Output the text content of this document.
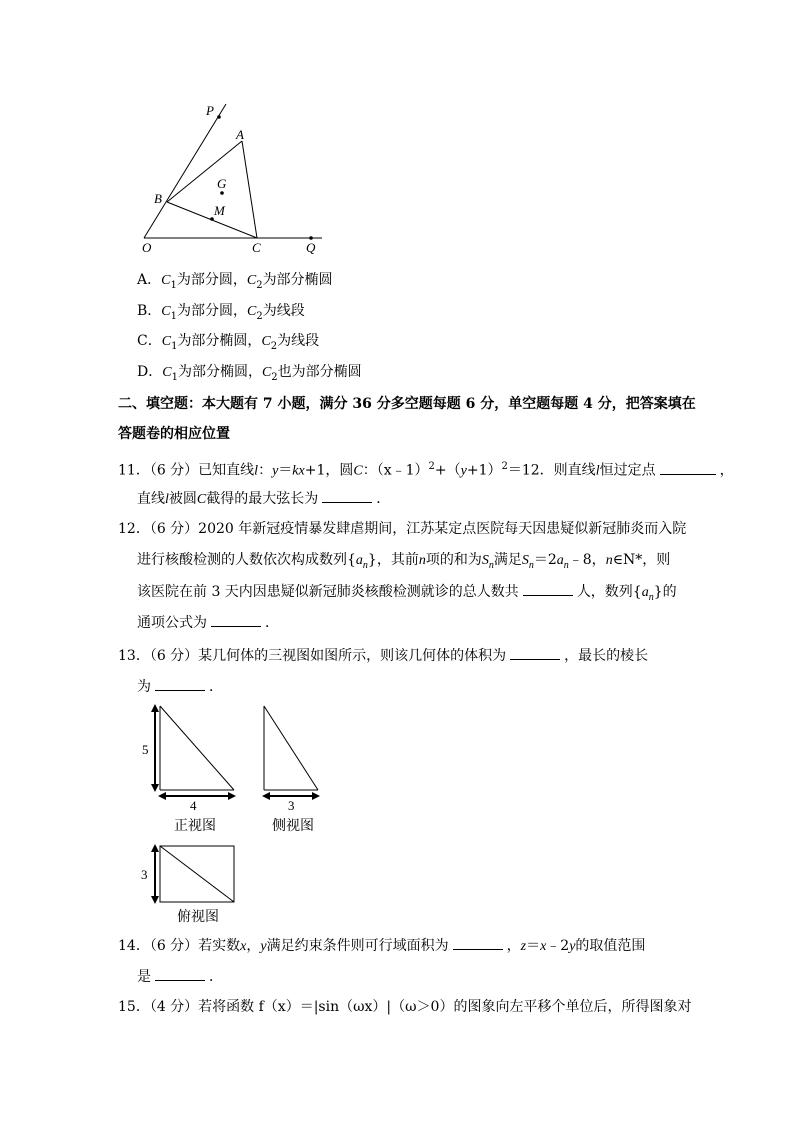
P
A
G
B
M
O	C	Q
A．$C_1$为部分圆，$C_2$为部分椭圆
B．$C_1$为部分圆，$C_2$为线段
C．$C_1$为部分椭圆，$C_2$为线段
D．$C_1$为部分椭圆，$C_2$也为部分椭圆
二、填空题：本大题有 7 小题，满分 36 分多空题每题 6 分，单空题每题 4 分，把答案填在
答题卷的相应位置
11．（6 分）已知直线l：y＝kx+1，圆C：$(x﹣1)^2+(y+1)^2=12$．则直线l恒过定点	，
直线l被圆C截得的最大弦长为	．
12．（6 分）2020 年新冠疫情暴发肆虐期间，江苏某定点医院每天因患疑似新冠肺炎而入院
进行核酸检测的人数依次构成数列$\{a_n\}$，其前n项的和为$S_n$满足$S_n=2a_n﹣8$，n∈N*，则
该医院在前 3 天内因患疑似新冠肺炎核酸检测就诊的总人数共	人，数列$\{a_n\}$的
通项公式为	．
13．（6 分）某几何体的三视图如图所示，则该几何体的体积为	，最长的棱长
为	．
5
4
正视图
3
侧视图
3
俯视图
14．（6 分）若实数x，y满足约束条件则可行域面积为	，z＝x﹣2y的取值范围
是	．
15．（4 分）若将函数 f（x）＝|sin（ωx）|（ω＞0）的图象向左平移个单位后，所得图象对
